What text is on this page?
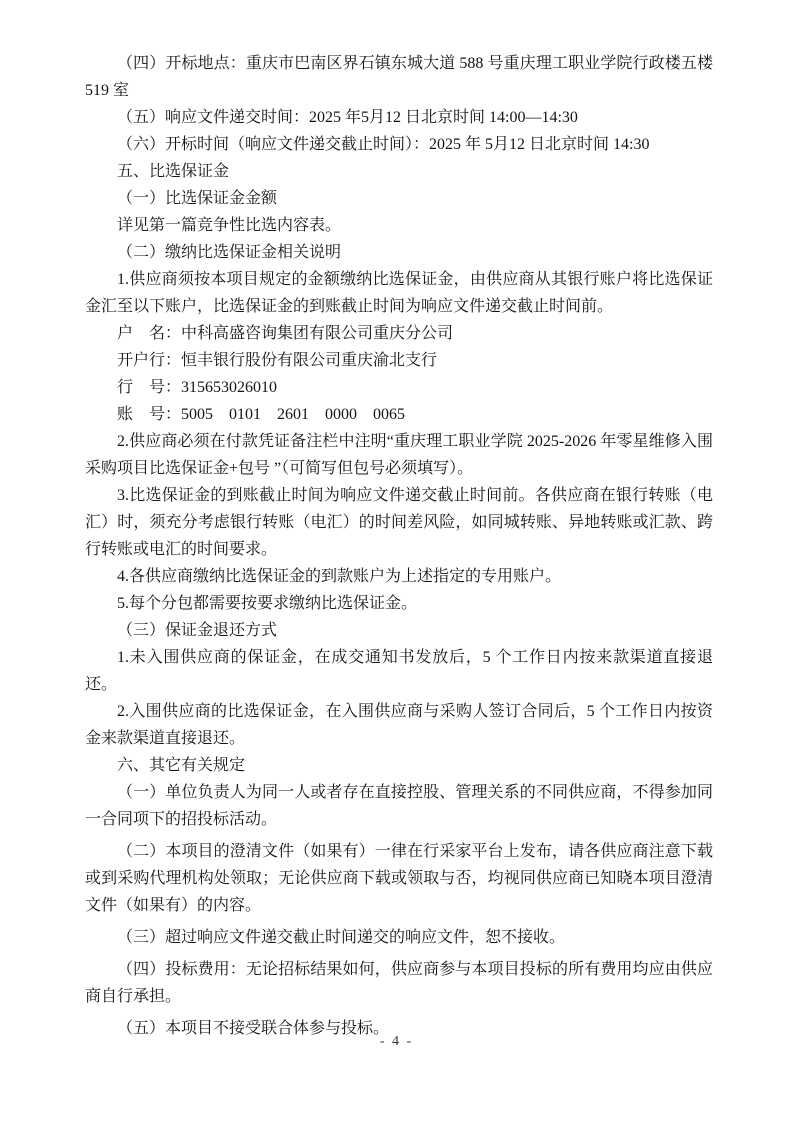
（四）开标地点：重庆市巴南区界石镇东城大道 588 号重庆理工职业学院行政楼五楼 519 室

（五）响应文件递交时间：2025 年5月12 日北京时间 14:00—14:30

（六）开标时间（响应文件递交截止时间）：2025 年 5月12 日北京时间 14:30

五、比选保证金

（一）比选保证金金额

详见第一篇竞争性比选内容表。

（二）缴纳比选保证金相关说明

1.供应商须按本项目规定的金额缴纳比选保证金，由供应商从其银行账户将比选保证 金汇至以下账户，比选保证金的到账截止时间为响应文件递交截止时间前。

户　名：中科高盛咨询集团有限公司重庆分公司

开户行：恒丰银行股份有限公司重庆渝北支行

行　号：315653026010

账　号：5005　0101　2601　0000　0065

2.供应商必须在付款凭证备注栏中注明“重庆理工职业学院 2025-2026 年零星维修入围采购项目比选保证金+包号 ”（可简写但包号必须填写）。

3.比选保证金的到账截止时间为响应文件递交截止时间前。各供应商在银行转账（电 汇）时，须充分考虑银行转账（电汇）的时间差风险，如同城转账、异地转账或汇款、跨行转账或电汇的时间要求。

4.各供应商缴纳比选保证金的到款账户为上述指定的专用账户。

5.每个分包都需要按要求缴纳比选保证金。

（三）保证金退还方式

1.未入围供应商的保证金，在成交通知书发放后，5 个工作日内按来款渠道直接退还。

2.入围供应商的比选保证金，在入围供应商与采购人签订合同后，5 个工作日内按资金来款渠道直接退还。

六、其它有关规定

（一）单位负责人为同一人或者存在直接控股、管理关系的不同供应商，不得参加同一合同项下的招投标活动。

（二）本项目的澄清文件（如果有）一律在行采家平台上发布，请各供应商注意下载或到采购代理机构处领取；无论供应商下载或领取与否，均视同供应商已知晓本项目澄清文件（如果有）的内容。

（三）超过响应文件递交截止时间递交的响应文件，恕不接收。

（四）投标费用：无论招标结果如何，供应商参与本项目投标的所有费用均应由供应商自行承担。

（五）本项目不接受联合体参与投标。

- 4 -
